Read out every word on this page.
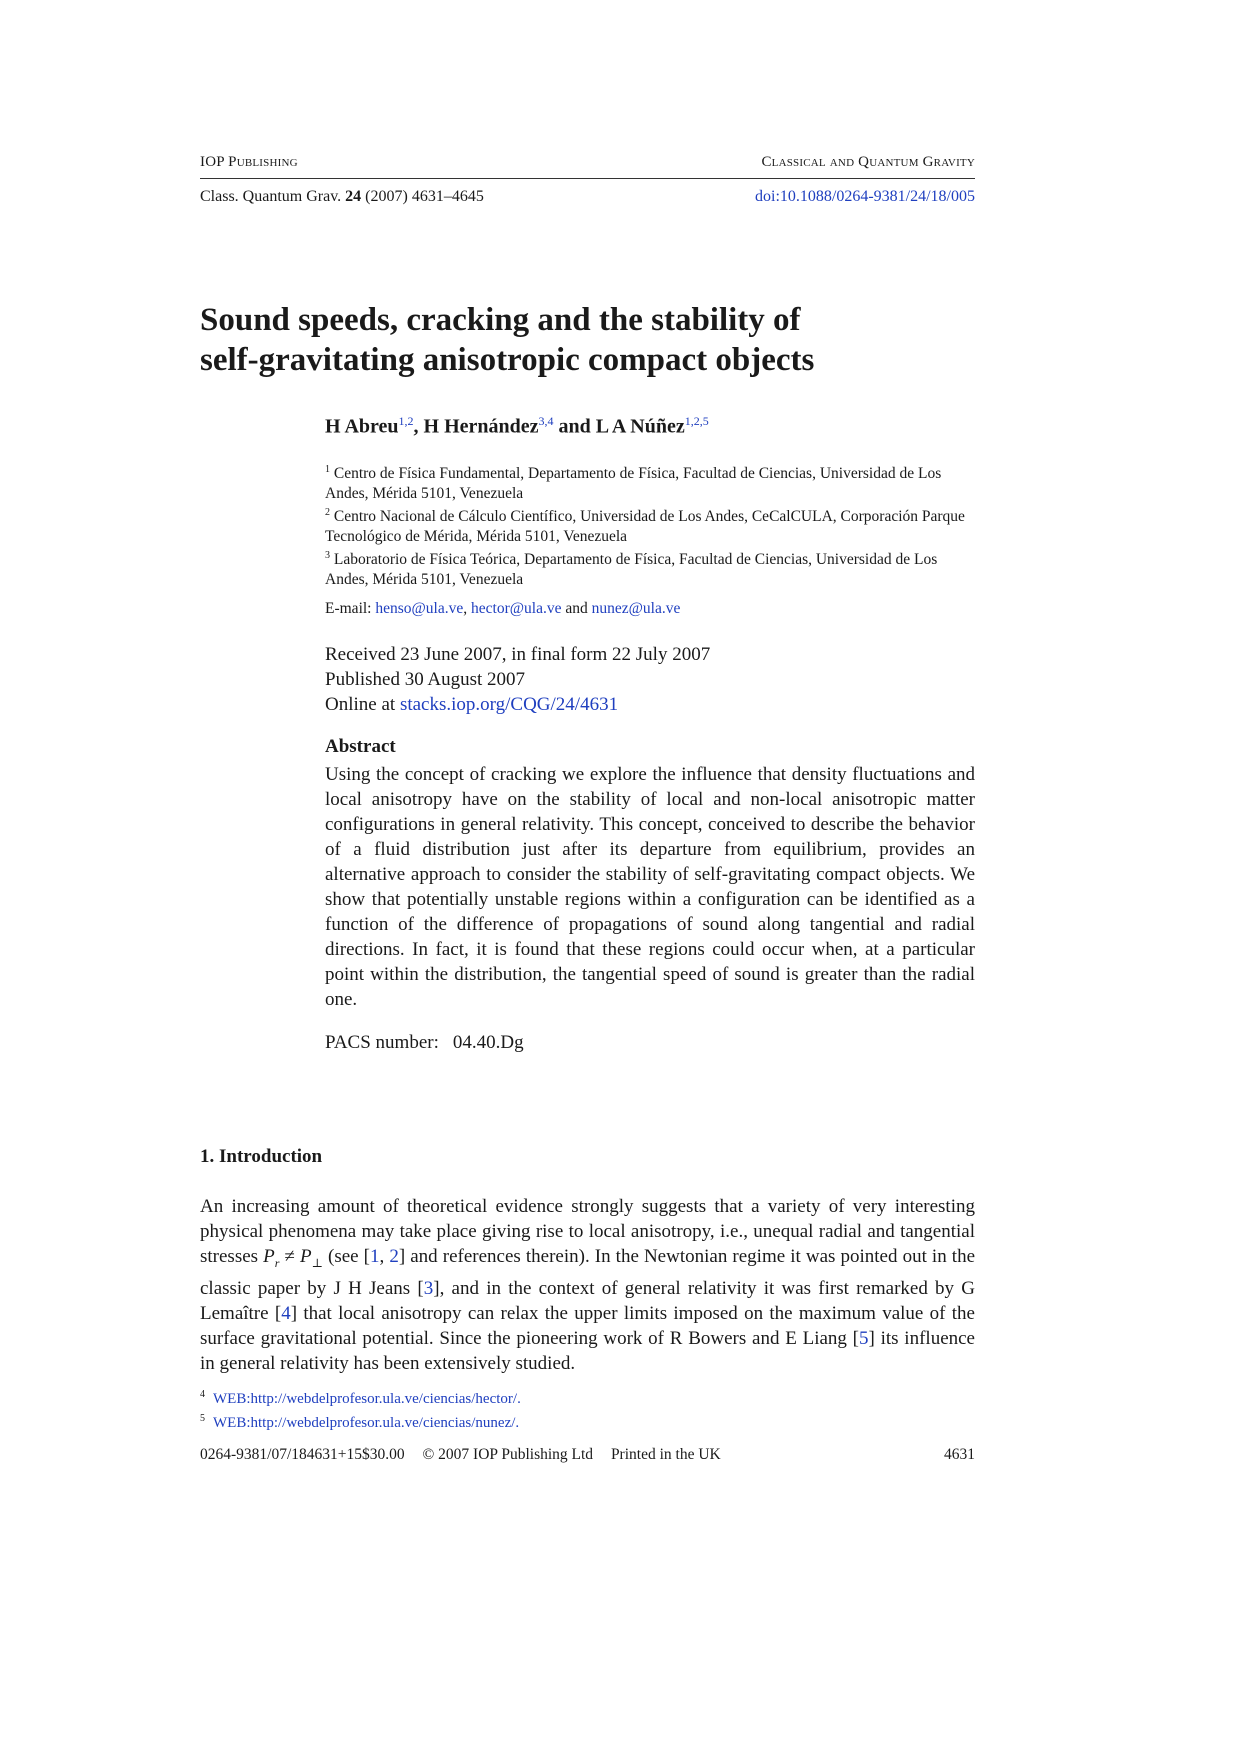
IOP Publishing	Classical and Quantum Gravity
Class. Quantum Grav. 24 (2007) 4631–4645	doi:10.1088/0264-9381/24/18/005
Sound speeds, cracking and the stability of
self-gravitating anisotropic compact objects
H Abreu$^{1,2}$, H Hernández$^{3,4}$ and L A Núñez$^{1,2,5}$

$^1$ Centro de Física Fundamental, Departamento de Física, Facultad de Ciencias, Universidad de Los Andes, Mérida 5101, Venezuela

$^2$ Centro Nacional de Cálculo Científico, Universidad de Los Andes, CeCalCULA, Corporación Parque Tecnológico de Mérida, Mérida 5101, Venezuela

$^3$ Laboratorio de Física Teórica, Departamento de Física, Facultad de Ciencias, Universidad de Los Andes, Mérida 5101, Venezuela

E-mail: henso@ula.ve, hector@ula.ve and nunez@ula.ve
Received 23 June 2007, in final form 22 July 2007
Published 30 August 2007
Online at stacks.iop.org/CQG/24/4631
Abstract

Using the concept of cracking we explore the influence that density fluctuations and local anisotropy have on the stability of local and non-local anisotropic matter configurations in general relativity. This concept, conceived to describe the behavior of a fluid distribution just after its departure from equilibrium, provides an alternative approach to consider the stability of self-gravitating compact objects. We show that potentially unstable regions within a configuration can be identified as a function of the difference of propagations of sound along tangential and radial directions. In fact, it is found that these regions could occur when, at a particular point within the distribution, the tangential speed of sound is greater than the radial one.

PACS number: 04.40.Dg
1. Introduction

An increasing amount of theoretical evidence strongly suggests that a variety of very interesting physical phenomena may take place giving rise to local anisotropy, i.e., unequal radial and tangential stresses $P_r \ne P_\perp$ (see [1, 2] and references therein). In the Newtonian regime it was pointed out in the classic paper by J H Jeans [3], and in the context of general relativity it was first remarked by G Lemaître [4] that local anisotropy can relax the upper limits imposed on the maximum value of the surface gravitational potential. Since the pioneering work of R Bowers and E Liang [5] its influence in general relativity has been extensively studied.

$^4$ WEB:http://webdelprofesor.ula.ve/ciencias/hector/.
$^5$ WEB:http://webdelprofesor.ula.ve/ciencias/nunez/.
0264-9381/07/184631+15$30.00 © 2007 IOP Publishing Ltd Printed in the UK	4631
